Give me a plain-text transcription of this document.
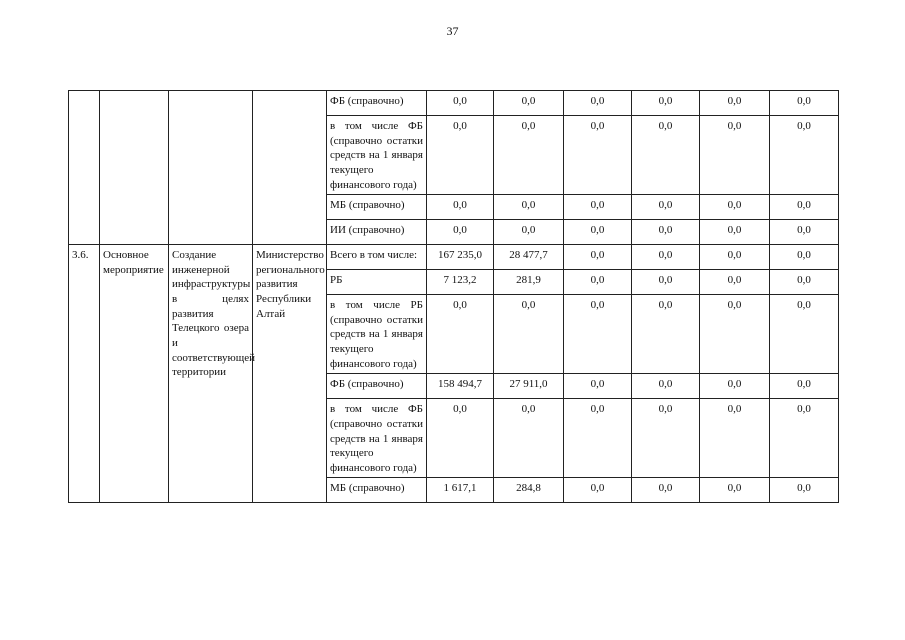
37
				ФБ (справочно)	0,0	0,0	0,0	0,0	0,0	0,0
				в том числе ФБ (справочно остатки средств на 1 января текущего финансового года)	0,0	0,0	0,0	0,0	0,0	0,0
				МБ (справочно)	0,0	0,0	0,0	0,0	0,0	0,0
				ИИ (справочно)	0,0	0,0	0,0	0,0	0,0	0,0
3.6.	Основное мероприятие	Создание инженерной инфраструктуры в целях развития Телецкого озера и соответствующей территории	Министерство регионального развития Республики Алтай	Всего в том числе:	167 235,0	28 477,7	0,0	0,0	0,0	0,0
				РБ	7 123,2	281,9	0,0	0,0	0,0	0,0
				в том числе РБ (справочно остатки средств на 1 января текущего финансового года)	0,0	0,0	0,0	0,0	0,0	0,0
				ФБ (справочно)	158 494,7	27 911,0	0,0	0,0	0,0	0,0
				в том числе ФБ (справочно остатки средств на 1 января текущего финансового года)	0,0	0,0	0,0	0,0	0,0	0,0
				МБ (справочно)	1 617,1	284,8	0,0	0,0	0,0	0,0
